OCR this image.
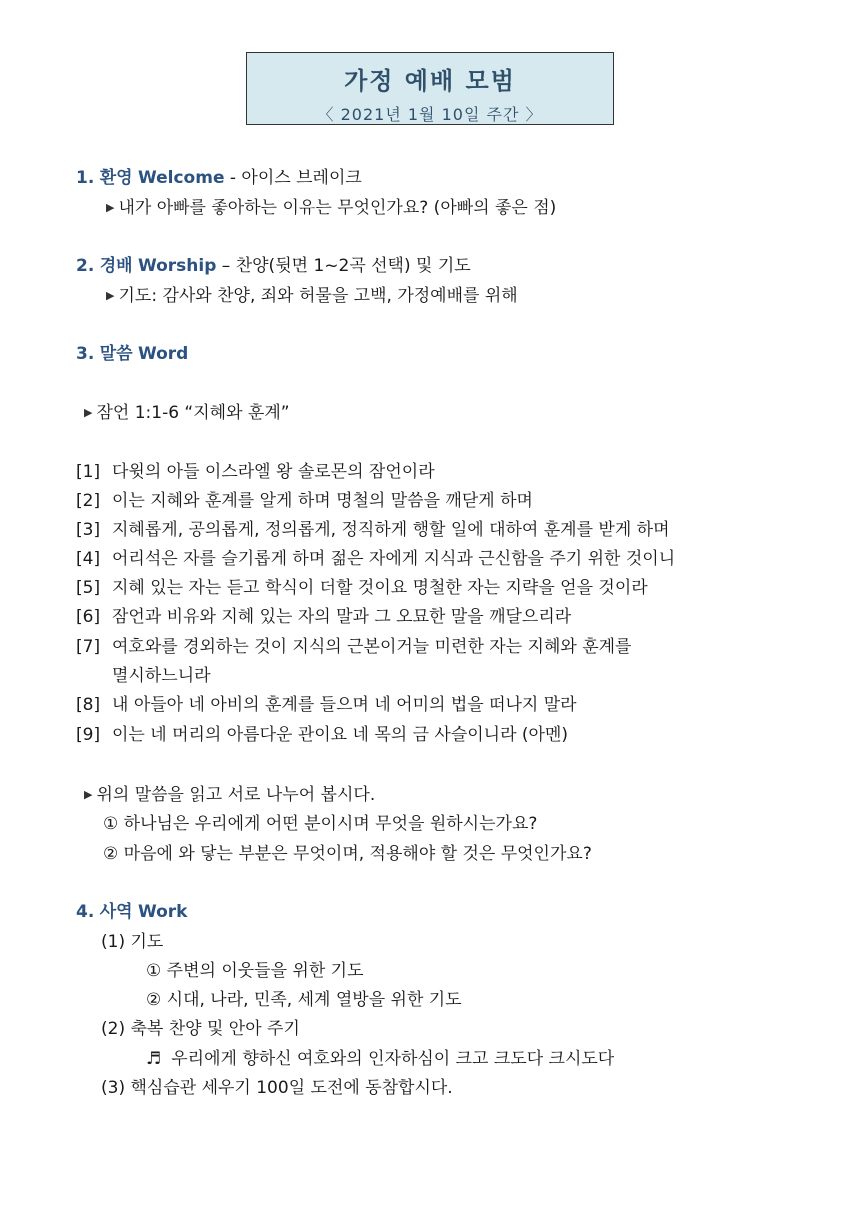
가정 예배 모범
〈 2021년 1월 10일 주간 〉
1. 환영 Welcome - 아이스 브레이크
▶ 내가 아빠를 좋아하는 이유는 무엇인가요? (아빠의 좋은 점)
2. 경배 Worship – 찬양(뒷면 1~2곡 선택) 및 기도
▶ 기도: 감사와 찬양, 죄와 허물을 고백, 가정예배를 위해
3. 말씀 Word
▶ 잠언 1:1-6 “지혜와 훈계”
[1] 다윗의 아들 이스라엘 왕 솔로몬의 잠언이라
[2] 이는 지혜와 훈계를 알게 하며 명철의 말씀을 깨닫게 하며
[3] 지혜롭게, 공의롭게, 정의롭게, 정직하게 행할 일에 대하여 훈계를 받게 하며
[4] 어리석은 자를 슬기롭게 하며 젊은 자에게 지식과 근신함을 주기 위한 것이니
[5] 지혜 있는 자는 듣고 학식이 더할 것이요 명철한 자는 지략을 얻을 것이라
[6] 잠언과 비유와 지혜 있는 자의 말과 그 오묘한 말을 깨달으리라
[7] 여호와를 경외하는 것이 지식의 근본이거늘 미련한 자는 지혜와 훈계를
멸시하느니라
[8] 내 아들아 네 아비의 훈계를 들으며 네 어미의 법을 떠나지 말라
[9] 이는 네 머리의 아름다운 관이요 네 목의 금 사슬이니라 (아멘)
▶ 위의 말씀을 읽고 서로 나누어 봅시다.
① 하나님은 우리에게 어떤 분이시며 무엇을 원하시는가요?
② 마음에 와 닿는 부분은 무엇이며, 적용해야 할 것은 무엇인가요?
4. 사역 Work
(1) 기도
① 주변의 이웃들을 위한 기도
② 시대, 나라, 민족, 세계 열방을 위한 기도
(2) 축복 찬양 및 안아 주기
♬ 우리에게 향하신 여호와의 인자하심이 크고 크도다 크시도다
(3) 핵심습관 세우기 100일 도전에 동참합시다.
